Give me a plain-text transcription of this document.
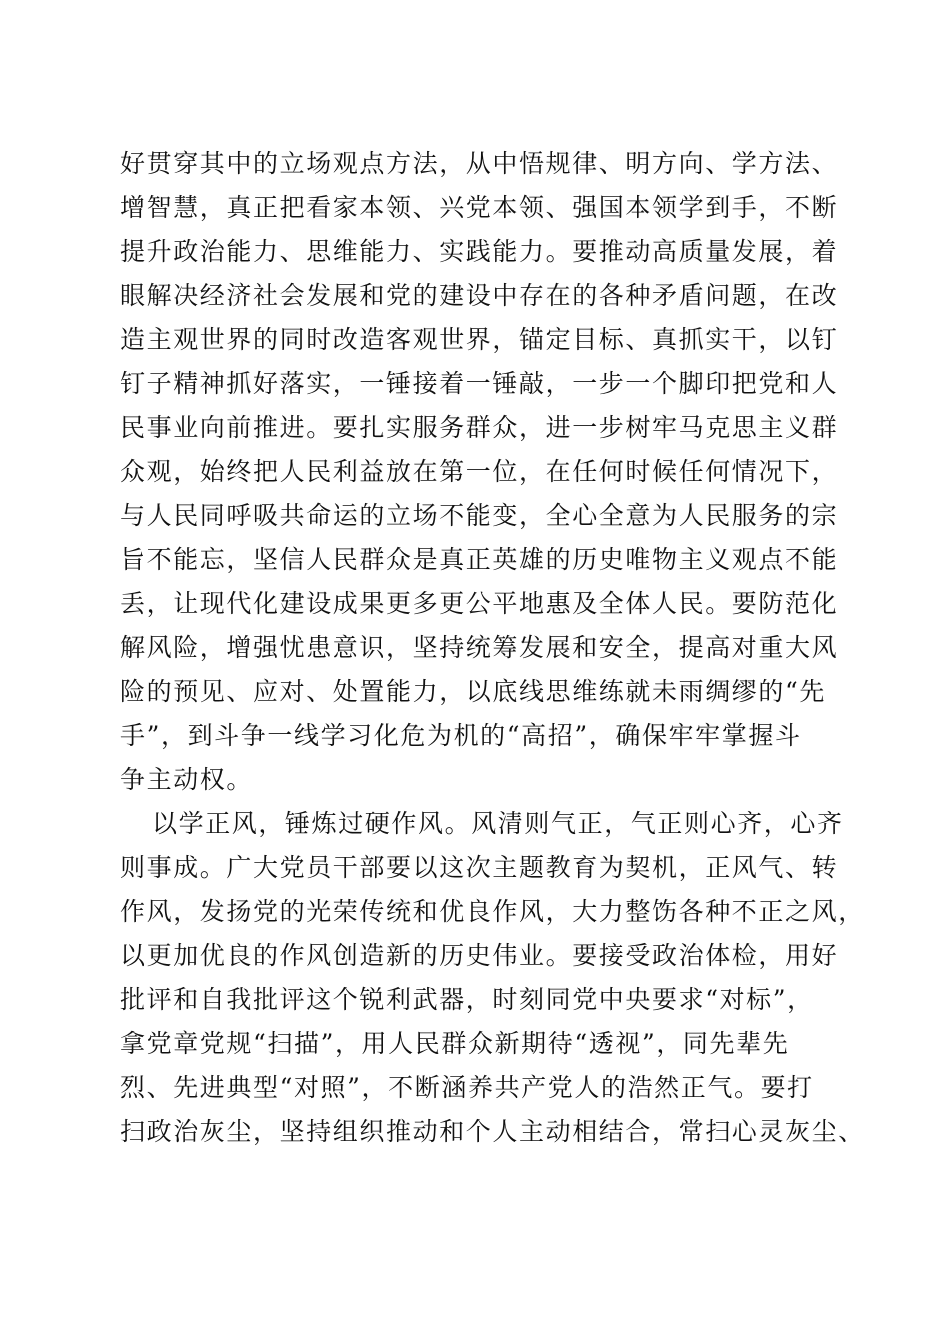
好贯穿其中的立场观点方法，从中悟规律、明方向、学方法、
增智慧，真正把看家本领、兴党本领、强国本领学到手，不断
提升政治能力、思维能力、实践能力。要推动高质量发展，着
眼解决经济社会发展和党的建设中存在的各种矛盾问题，在改
造主观世界的同时改造客观世界，锚定目标、真抓实干，以钉
钉子精神抓好落实，一锤接着一锤敲，一步一个脚印把党和人
民事业向前推进。要扎实服务群众，进一步树牢马克思主义群
众观，始终把人民利益放在第一位，在任何时候任何情况下，
与人民同呼吸共命运的立场不能变，全心全意为人民服务的宗
旨不能忘，坚信人民群众是真正英雄的历史唯物主义观点不能
丢，让现代化建设成果更多更公平地惠及全体人民。要防范化
解风险，增强忧患意识，坚持统筹发展和安全，提高对重大风
险的预见、应对、处置能力，以底线思维练就未雨绸缪的“先
手”，到斗争一线学习化危为机的“高招”，确保牢牢掌握斗
争主动权。
以学正风，锤炼过硬作风。风清则气正，气正则心齐，心齐
则事成。广大党员干部要以这次主题教育为契机，正风气、转
作风，发扬党的光荣传统和优良作风，大力整饬各种不正之风，
以更加优良的作风创造新的历史伟业。要接受政治体检，用好
批评和自我批评这个锐利武器，时刻同党中央要求“对标”，
拿党章党规“扫描”，用人民群众新期待“透视”，同先辈先
烈、先进典型“对照”，不断涵养共产党人的浩然正气。要打
扫政治灰尘，坚持组织推动和个人主动相结合，常扫心灵灰尘、
